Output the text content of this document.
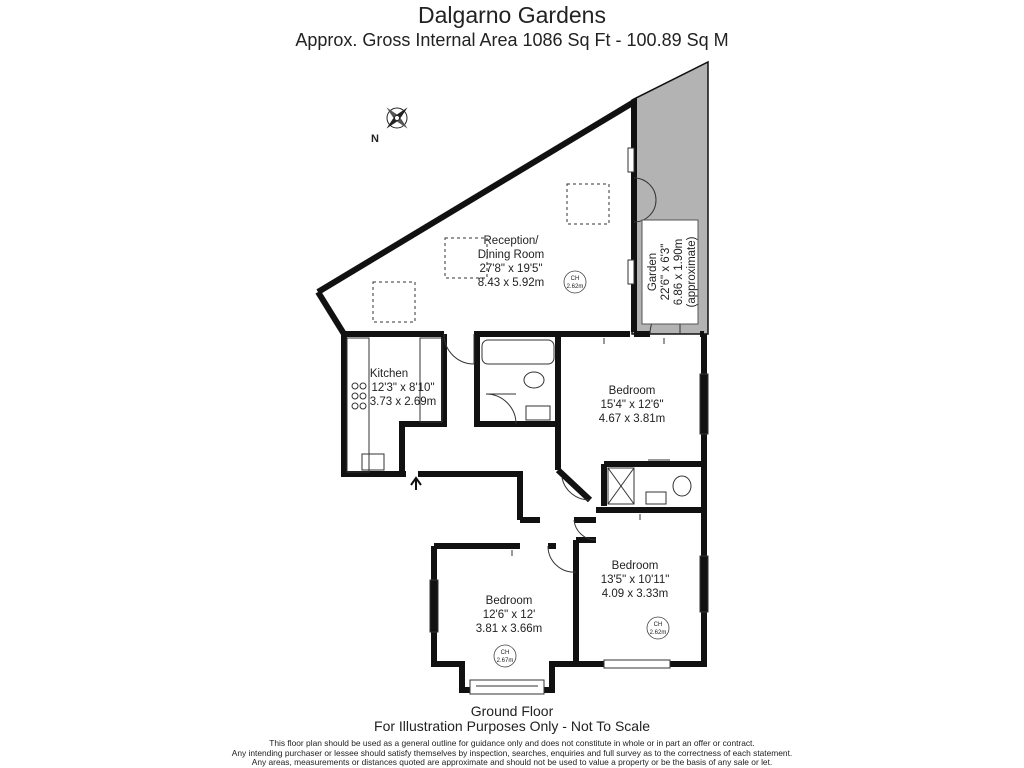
Dalgarno Gardens
Approx. Gross Internal Area 1086 Sq Ft - 100.89 Sq M
N
Reception/
Dining Room
27'8" x 19'5"
8.43 x 5.92m
Kitchen
12'3" x 8'10"
3.73 x 2.69m
Bedroom
15'4" x 12'6"
4.67 x 3.81m
Bedroom
13'5" x 10'11"
4.09 x 3.33m
Bedroom
12'6" x 12'
3.81 x 3.66m
Garden 22'6" x 6'3" 6.86 x 1.90m (approximate)
CH
2.62m
CH
2.62m
CH
2.67m
Ground Floor
For Illustration Purposes Only - Not To Scale
This floor plan should be used as a general outline for guidance only and does not constitute in whole or in part an offer or contract.
Any intending purchaser or lessee should satisfy themselves by inspection, searches, enquiries and full survey as to the correctness of each statement.
Any areas, measurements or distances quoted are approximate and should not be used to value a property or be the basis of any sale or let.
